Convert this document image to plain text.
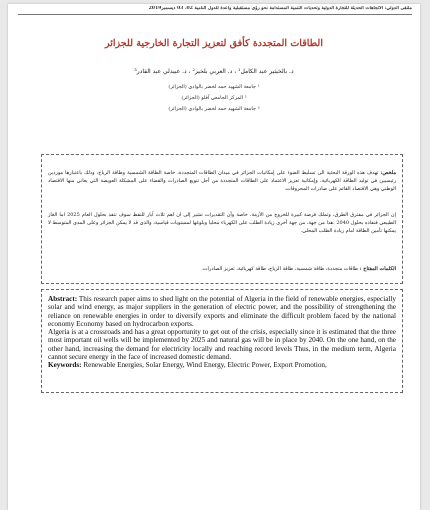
ملتقى الدولي: الاتجاهات الحديثة للتجارة الدولية وتحديات التنمية المستدامة نحو رؤى مستقبلية واعدة للدول النامية 02، 03 ديسمبر2019
الطاقات المتجددة كأفق لتعزيز التجارة الخارجية للجزائر
د. بالخيثير عبد الكامل¹ ، د. العربي بلخير² ، د. عبيدلي عبد القادر³
¹ جامعة الشهيد حمه لخضر بالوادي (الجزائر)
² المركز الجامعي آفلو (الجزائر)
³ جامعة الشهيد حمه لخضر بالوادي (الجزائر)
ملخص: تهدف هذه الورقة البحثية الى تسليط الضوء على إمكانيات الجزائر في ميدان الطاقات المتجددة، خاصة الطاقة الشمسية وطاقة الرياح، وذلك باعتبارها موردين رئيسيين في توليد الطاقة الكهربائية، وإمكانية تعزيز الاعتماد على الطاقات المتجددة من أجل تنويع الصادرات والقضاء على المشكلة العويصة التي يعاني منها الاقتصاد الوطني وهي الاقتصاد القائم على صادرات المحروقات.
إن الجزائر في مفترق الطرق، وتملك فرصة كبيرة للخروج من الأزمة، خاصة وأن التقديرات تشير إلى ان اهم ثلاث آبار للنفط سوف تنفذ بحلول العام 2025 اما الغاز الطبيعي فنفاذه بحلول 2040 .هذا من جهة، من جهة أخرى زيادة الطلب على الكهرباء محليا وبلوغها لمستويات قياسية، والذي قد لا يمكن الجزائر وعلى المدى المتوسط لا يمكنها تأمين الطاقة امام زيادة الطلب المحلي.
الكلمات المفتاح : طاقات متجددة، طاقة شمسية، طاقة الرياح، طاقة كهربائية، تعزيز الصادرات.
Abstract: This research paper aims to shed light on the potential of Algeria in the field of renewable energies, especially solar and wind energy, as major suppliers in the generation of electric power, and the possibility of strengthening the reliance on renewable energies in order to diversify exports and eliminate the difficult problem faced by the national economy Economy based on hydrocarbon exports.
Algeria is at a crossroads and has a great opportunity to get out of the crisis, especially since it is estimated that the three most important oil wells will be implemented by 2025 and natural gas will be in place by 2040. On the one hand, on the other hand, increasing the demand for electricity locally and reaching record levels Thus, in the medium term, Algeria cannot secure energy in the face of increased domestic demand.
Keywords: Renewable Energies, Solar Energy, Wind Energy, Electric Power, Export Promotion,
